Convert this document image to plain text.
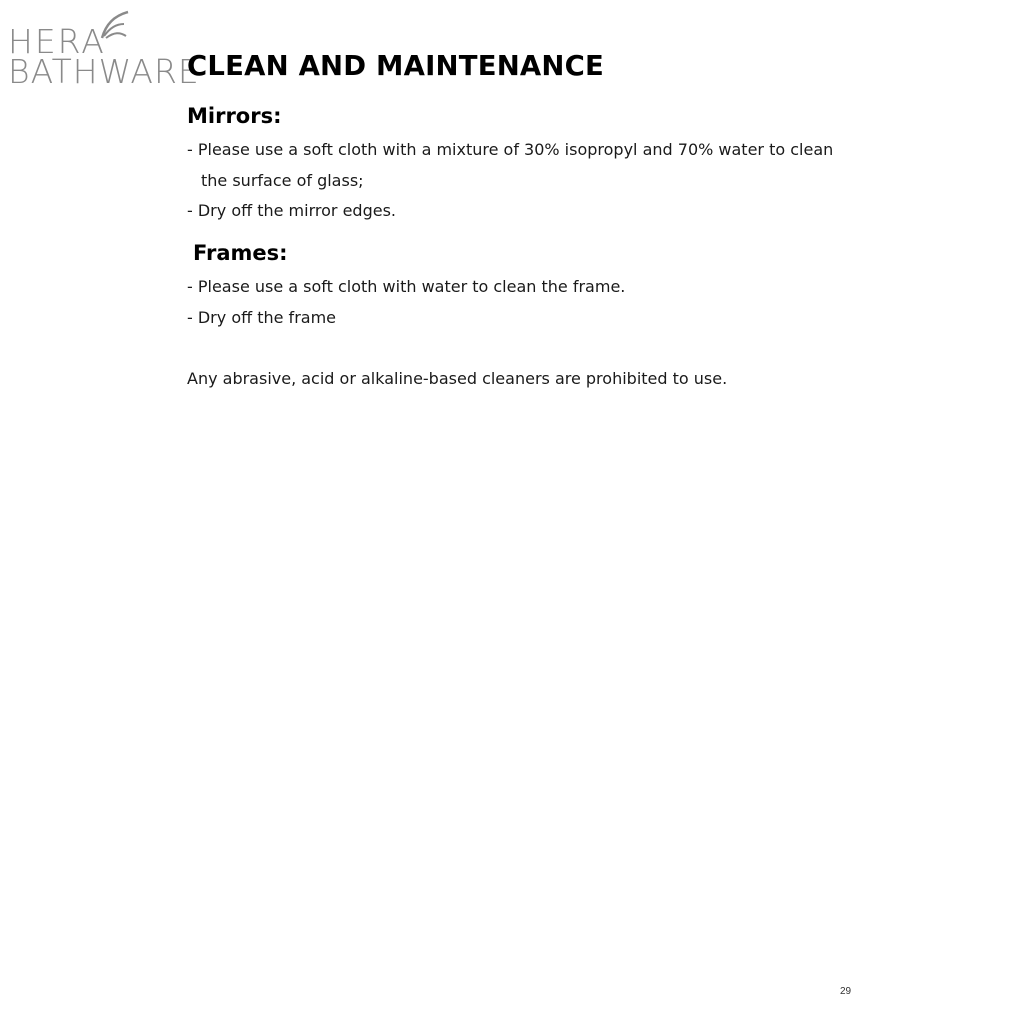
HERA
BATHWARE
CLEAN AND MAINTENANCE
Mirrors:

- Please use a soft cloth with a mixture of 30% isopropyl and 70% water to clean

the surface of glass;

- Dry off the mirror edges.

Frames:

- Please use a soft cloth with water to clean the frame.

- Dry off the frame

Any abrasive, acid or alkaline-based cleaners are prohibited to use.

29
